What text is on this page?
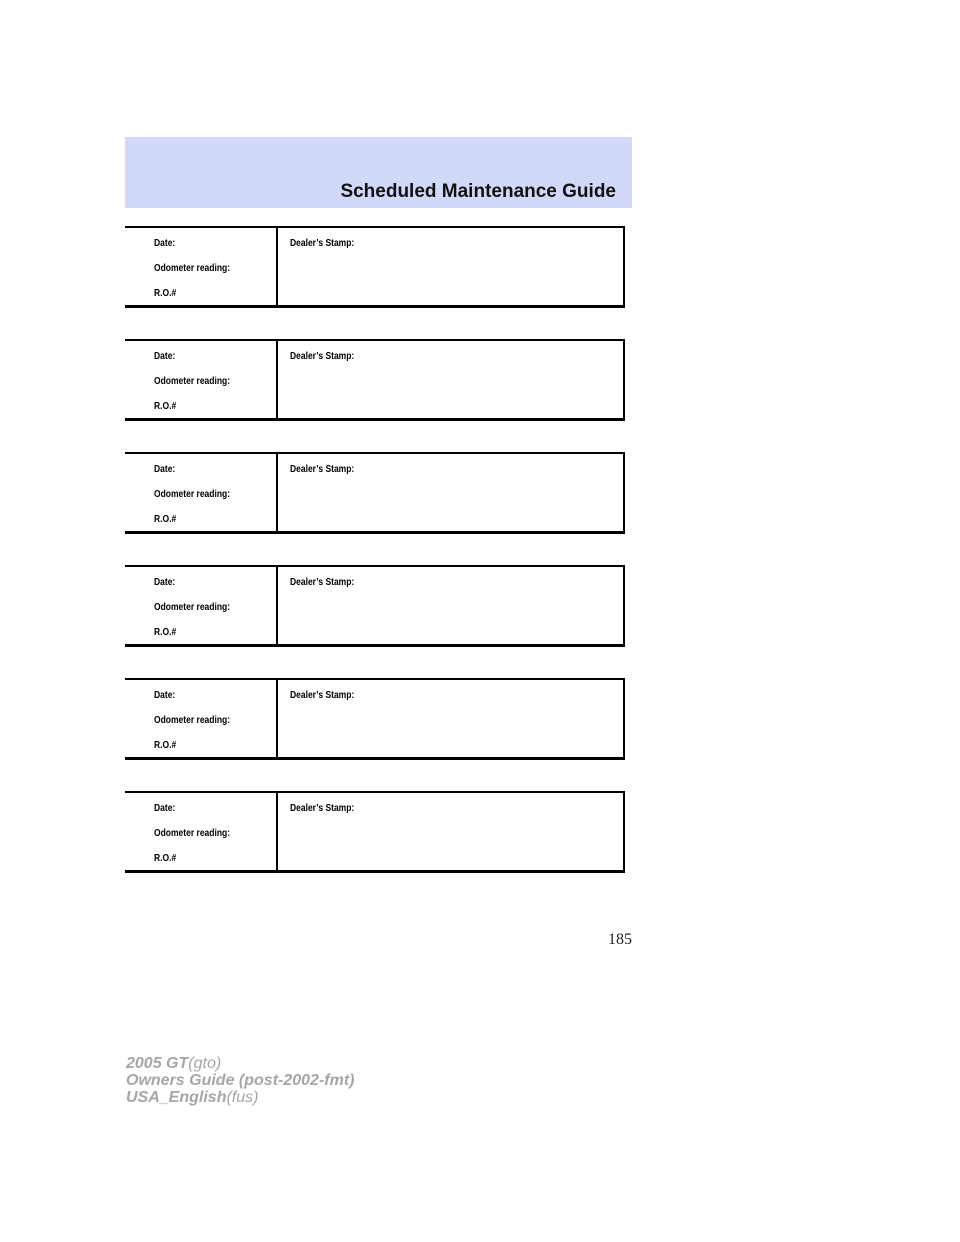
Scheduled Maintenance Guide
Date:
Odometer reading:
R.O.#
Dealer’s Stamp:
Date:
Odometer reading:
R.O.#
Dealer’s Stamp:
Date:
Odometer reading:
R.O.#
Dealer’s Stamp:
Date:
Odometer reading:
R.O.#
Dealer’s Stamp:
Date:
Odometer reading:
R.O.#
Dealer’s Stamp:
Date:
Odometer reading:
R.O.#
Dealer’s Stamp:
185
2005 GT(gto)
Owners Guide (post-2002-fmt)
USA_English(fus)
